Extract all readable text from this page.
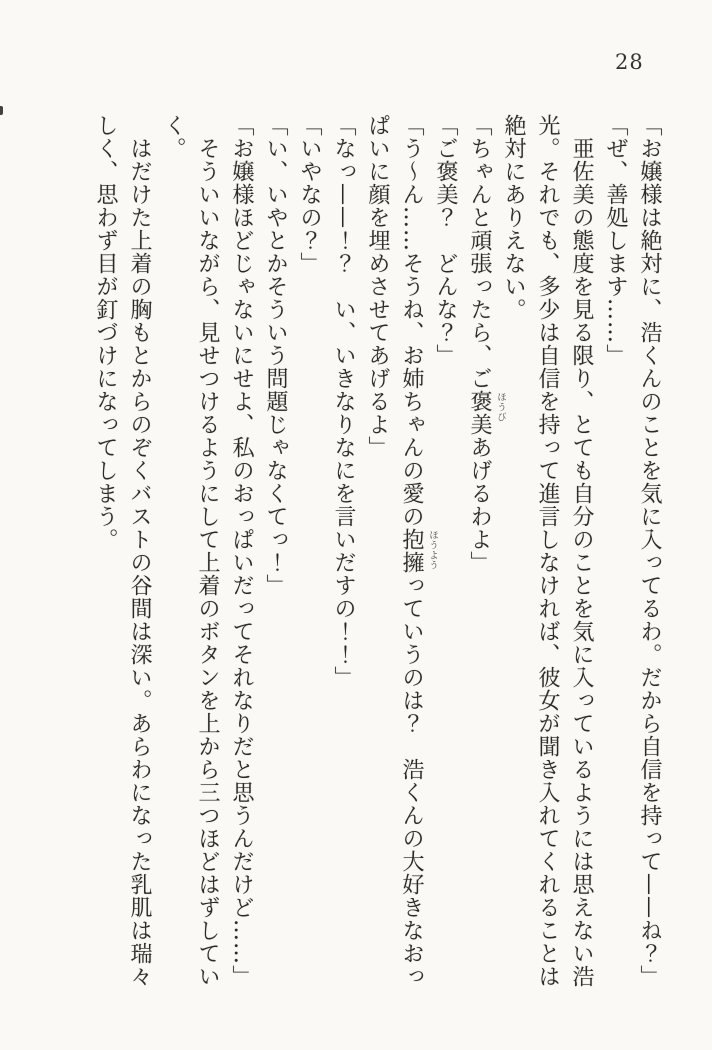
28

「お嬢様は絶対に、浩くんのことを気に入ってるわ。だから自信を持って——ね？」

「ぜ、善処します……」

亜佐美の態度を見る限り、とても自分のことを気に入っているようには思えない浩光。それでも、多少は自信を持って進言しなければ、彼女が聞き入れてくれることは絶対にありえない。

「ちゃんと頑張ったら、ご褒美 ほうび
あげるわよ」

「ご褒美？　どんな？」

「う〜ん……そうね、お姉ちゃんの愛の抱擁 ほうよう
っていうのは？　浩くんの大好きなおっぱいに顔を埋めさせてあげるよ」

「なっ——！？　い、いきなりなにを言いだすの！！」

「いやなの？」

「い、いやとかそういう問題じゃなくてっ！」

「お嬢様ほどじゃないにせよ、私のおっぱいだってそれなりだと思うんだけど……」

そういいながら、見せつけるようにして上着のボタンを上から三つほどはずしていく。

はだけた上着の胸もとからのぞくバストの谷間は深い。あらわになった乳肌は瑞々しく、思わず目が釘づけになってしまう。
